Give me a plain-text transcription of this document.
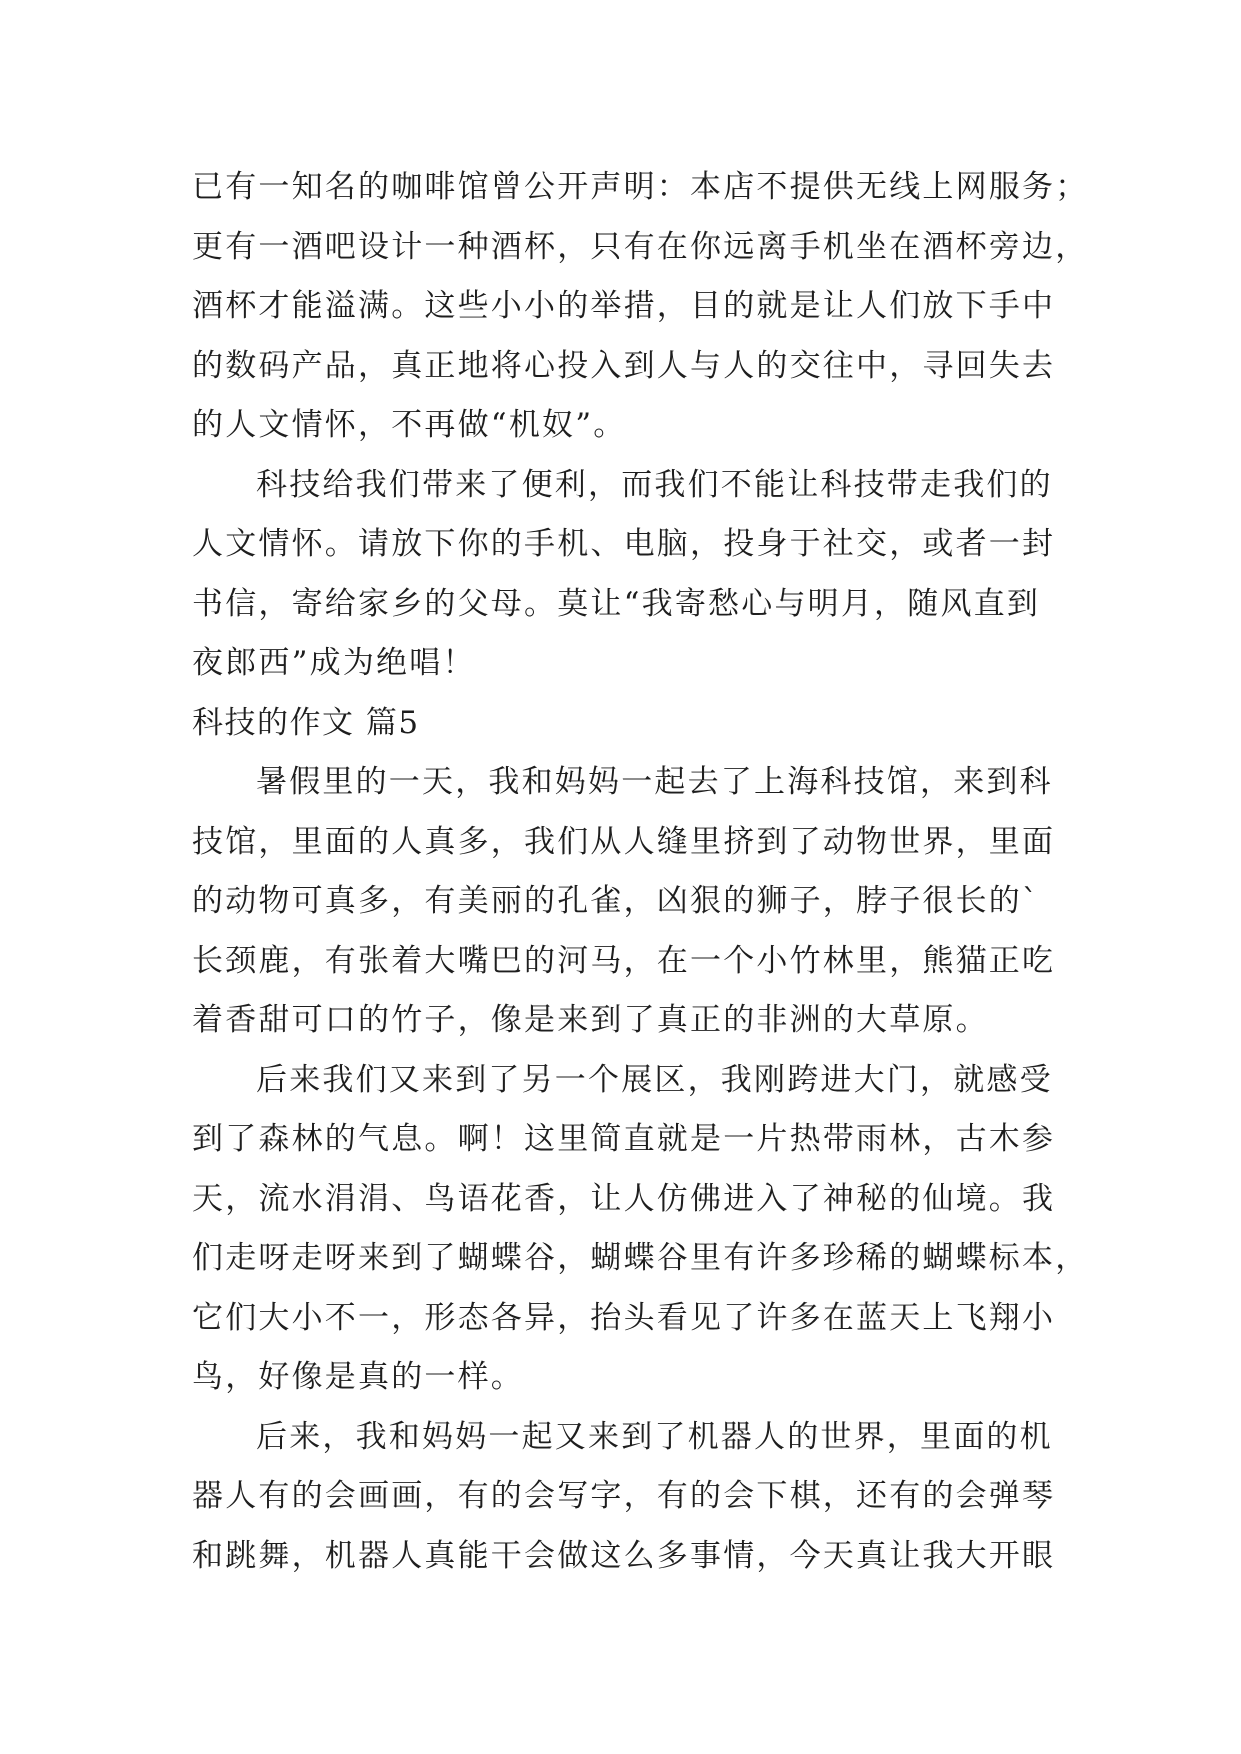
已有一知名的咖啡馆曾公开声明：本店不提供无线上网服务；
更有一酒吧设计一种酒杯，只有在你远离手机坐在酒杯旁边，
酒杯才能溢满。这些小小的举措，目的就是让人们放下手中
的数码产品，真正地将心投入到人与人的交往中，寻回失去
的人文情怀，不再做“机奴”。
科技给我们带来了便利，而我们不能让科技带走我们的
人文情怀。请放下你的手机、电脑，投身于社交，或者一封
书信，寄给家乡的父母。莫让“我寄愁心与明月，随风直到
夜郎西”成为绝唱！
科技的作文 篇5
暑假里的一天，我和妈妈一起去了上海科技馆，来到科
技馆，里面的人真多，我们从人缝里挤到了动物世界，里面
的动物可真多，有美丽的孔雀，凶狠的狮子，脖子很长的`
长颈鹿，有张着大嘴巴的河马，在一个小竹林里，熊猫正吃
着香甜可口的竹子，像是来到了真正的非洲的大草原。
后来我们又来到了另一个展区，我刚跨进大门，就感受
到了森林的气息。啊！这里简直就是一片热带雨林，古木参
天，流水涓涓、鸟语花香，让人仿佛进入了神秘的仙境。我
们走呀走呀来到了蝴蝶谷，蝴蝶谷里有许多珍稀的蝴蝶标本，
它们大小不一，形态各异，抬头看见了许多在蓝天上飞翔小
鸟，好像是真的一样。
后来，我和妈妈一起又来到了机器人的世界，里面的机
器人有的会画画，有的会写字，有的会下棋，还有的会弹琴
和跳舞，机器人真能干会做这么多事情，今天真让我大开眼
